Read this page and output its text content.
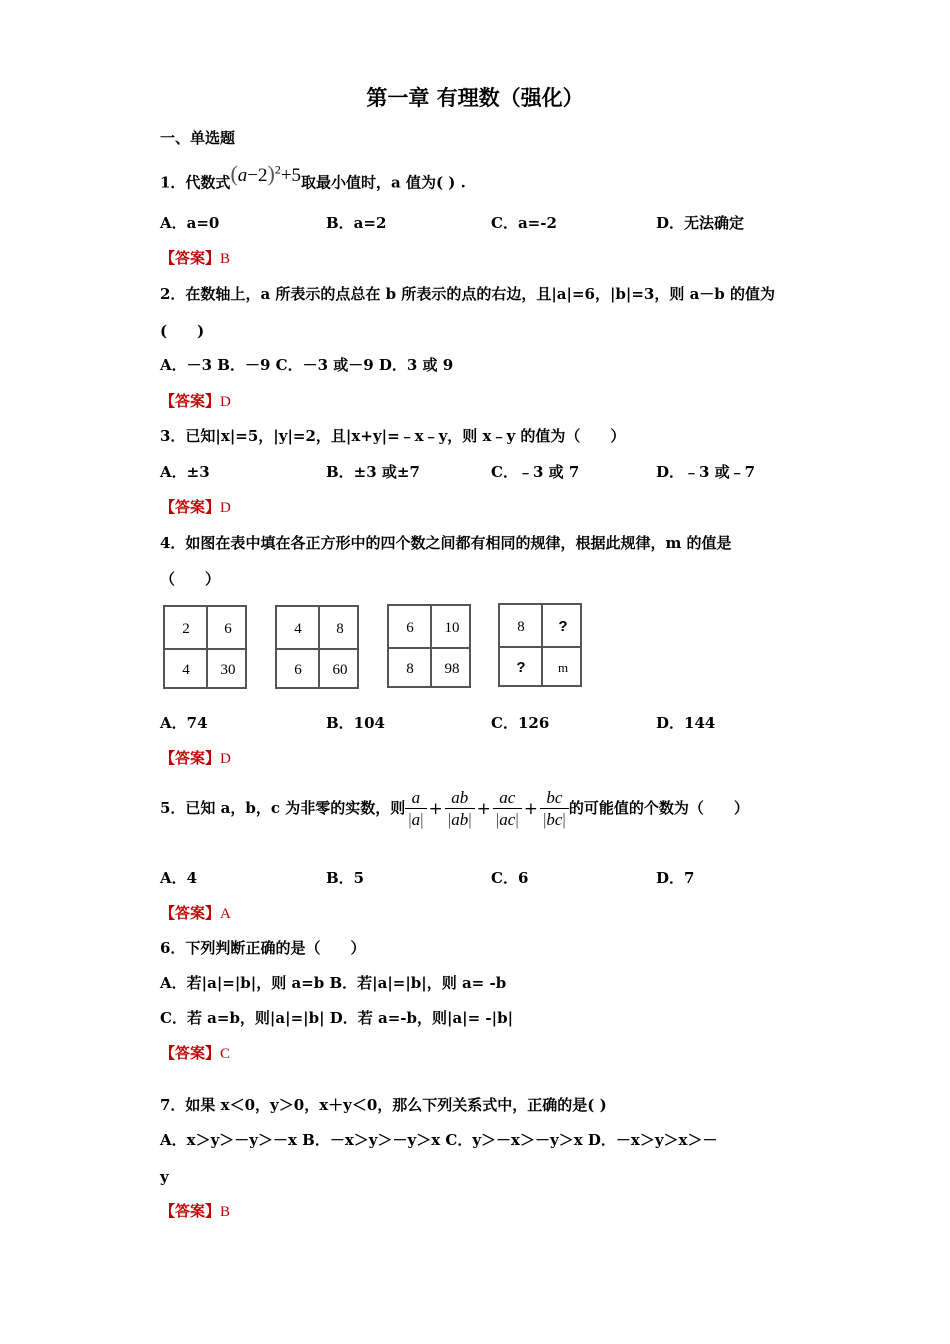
第一章 有理数（强化）
一、单选题
1．代数式$(a-2)^2+5$取最小值时，a 值为( ) .
A．a=0	B．a=2	C．a=-2	D．无法确定
【答案】B
2．在数轴上，a 所表示的点总在 b 所表示的点的右边，且|a|=6，|b|=3，则 a－b 的值为
(　　)
A．－3 B．－9 C．－3 或－9 D．3 或 9
【答案】D
3．已知|x|=5，|y|=2，且|x+y|=﹣x﹣y，则 x﹣y 的值为（　　）
A．±3	B．±3 或±7	C．﹣3 或 7	D．﹣3 或﹣7
【答案】D
4．如图在表中填在各正方形中的四个数之间都有相同的规律，根据此规律，m 的值是
（　　）
2	6
4	30
4	8
6	60
6	10
8	98
8	?
?	m
A．74	B．104	C．126	D．144
【答案】D
5．已知 a，b，c 为非零的实数，则 $\frac{a}{|a|} + \frac{ab}{|ab|} + \frac{ac}{|ac|} + \frac{bc}{|bc|}$ 的可能值的个数为（　　）
A．4	B．5	C．6	D．7
【答案】A
6．下列判断正确的是（　　）
A．若|a|=|b|，则 a=b B．若|a|=|b|，则 a= -b
C．若 a=b，则|a|=|b| D．若 a=-b，则|a|= -|b|
【答案】C
7．如果 x＜0，y＞0，x＋y＜0，那么下列关系式中，正确的是( )
A．x＞y＞－y＞－x B．－x＞y＞－y＞x C．y＞－x＞－y＞x D．－x＞y＞x＞－
y
【答案】B
